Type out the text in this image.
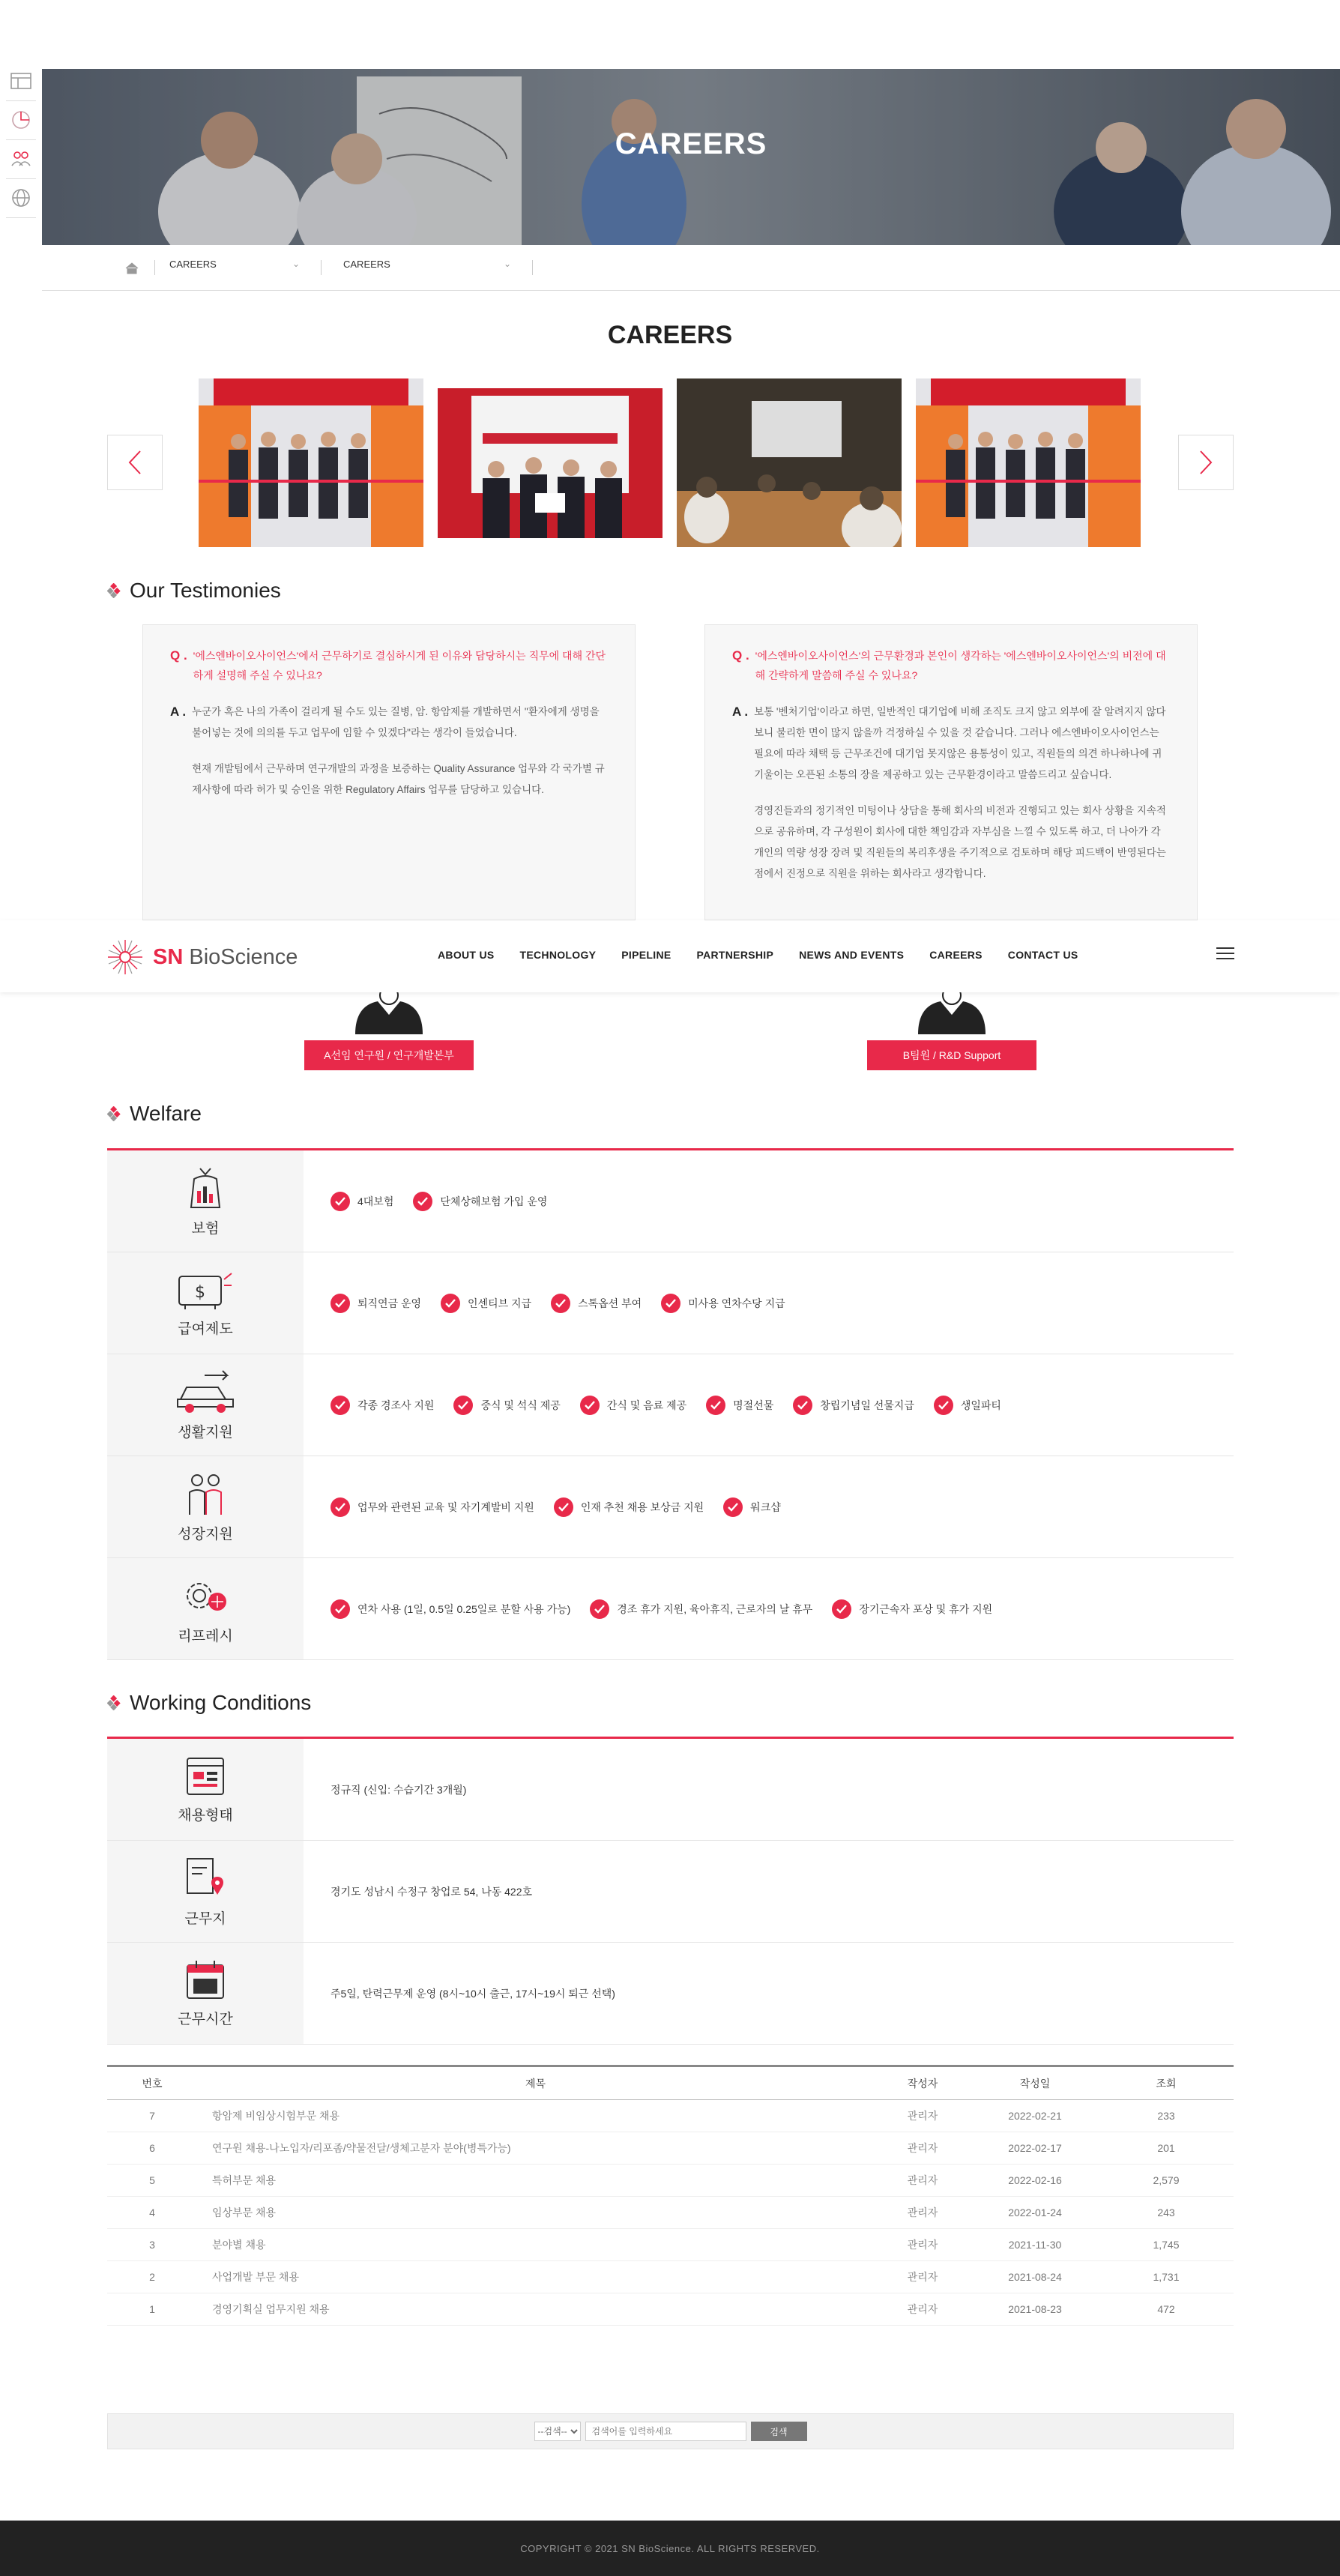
CAREERS
CAREERS	⌄	CAREERS	⌄
CAREERS
Our Testimonies
Q . '에스엔바이오사이언스'에서 근무하기로 결심하시게 된 이유와 담당하시는 직무에 대해 간단하게 설명해 주실 수 있나요?
A . 누군가 혹은 나의 가족이 걸리게 될 수도 있는 질병, 암. 항암제를 개발하면서 "환자에게 생명을 불어넣는 것에 의의를 두고 업무에 임할 수 있겠다"라는 생각이 들었습니다.

현재 개발팀에서 근무하며 연구개발의 과정을 보증하는 Quality Assurance 업무와 각 국가별 규제사항에 따라 허가 및 승인을 위한 Regulatory Affairs 업무를 담당하고 있습니다.

Q . '에스엔바이오사이언스'의 근무환경과 본인이 생각하는 '에스엔바이오사이언스'의 비전에 대해 간략하게 말씀해 주실 수 있나요?
A . 보통 '벤처기업'이라고 하면, 일반적인 대기업에 비해 조직도 크지 않고 외부에 잘 알려지지 않다 보니 불리한 면이 많지 않을까 걱정하실 수 있을 것 같습니다. 그러나 에스엔바이오사이언스는 필요에 따라 채택 등 근무조건에 대기업 못지않은 용통성이 있고, 직원들의 의견 하나하나에 귀 기울이는 오픈된 소통의 장을 제공하고 있는 근무환경이라고 말씀드리고 싶습니다.

경영진들과의 정기적인 미팅이나 상담을 통해 회사의 비전과 진행되고 있는 회사 상황을 지속적으로 공유하며, 각 구성원이 회사에 대한 책임감과 자부심을 느낄 수 있도록 하고, 더 나아가 각 개인의 역량 성장 장려 및 직원들의 복리후생을 주기적으로 검토하며 해당 피드백이 반영된다는 점에서 진정으로 직원을 위하는 회사라고 생각합니다.

SN BioScience	ABOUT US TECHNOLOGY PIPELINE PARTNERSHIP NEWS AND EVENTS CAREERS CONTACT US
A선임 연구원 / 연구개발본부	B팀원 / R&D Support
Welfare
보험
4대보험	단체상해보험 가입 운영
$
급여제도
퇴직연금 운영	인센티브 지급	스톡옵션 부여	미사용 연차수당 지급
생활지원
각종 경조사 지원	중식 및 석식 제공	간식 및 음료 제공	명절선물	창립기념일 선물지급	생일파티
성장지원
업무와 관련된 교육 및 자기계발비 지원	인재 추천 채용 보상금 지원	워크샵
리프레시
연차 사용 (1일, 0.5일 0.25일로 분할 사용 가능)	경조 휴가 지원, 육아휴직, 근로자의 날 휴무	장기근속자 포상 및 휴가 지원
Working Conditions
채용형태
정규직 (신입: 수습기간 3개월)
근무지
경기도 성남시 수정구 창업로 54, 나동 422호
근무시간
주5일, 탄력근무제 운영 (8시~10시 출근, 17시~19시 퇴근 선택)
번호	제목	작성자	작성일	조회
7	항암제 비임상시험부문 채용	관리자	2022-02-21	233
6	연구원 채용-나노입자/리포좀/약물전달/생체고분자 분야(병특가능)	관리자	2022-02-17	201
5	특허부문 채용	관리자	2022-02-16	2,579
4	임상부문 채용	관리자	2022-01-24	243
3	분야별 채용	관리자	2021-11-30	1,745
2	사업개발 부문 채용	관리자	2021-08-24	1,731
1	경영기획실 업무지원 채용	관리자	2021-08-23	472
--검색--
검색어를 입력하세요
검색
COPYRIGHT © 2021 SN BioScience. ALL RIGHTS RESERVED.
